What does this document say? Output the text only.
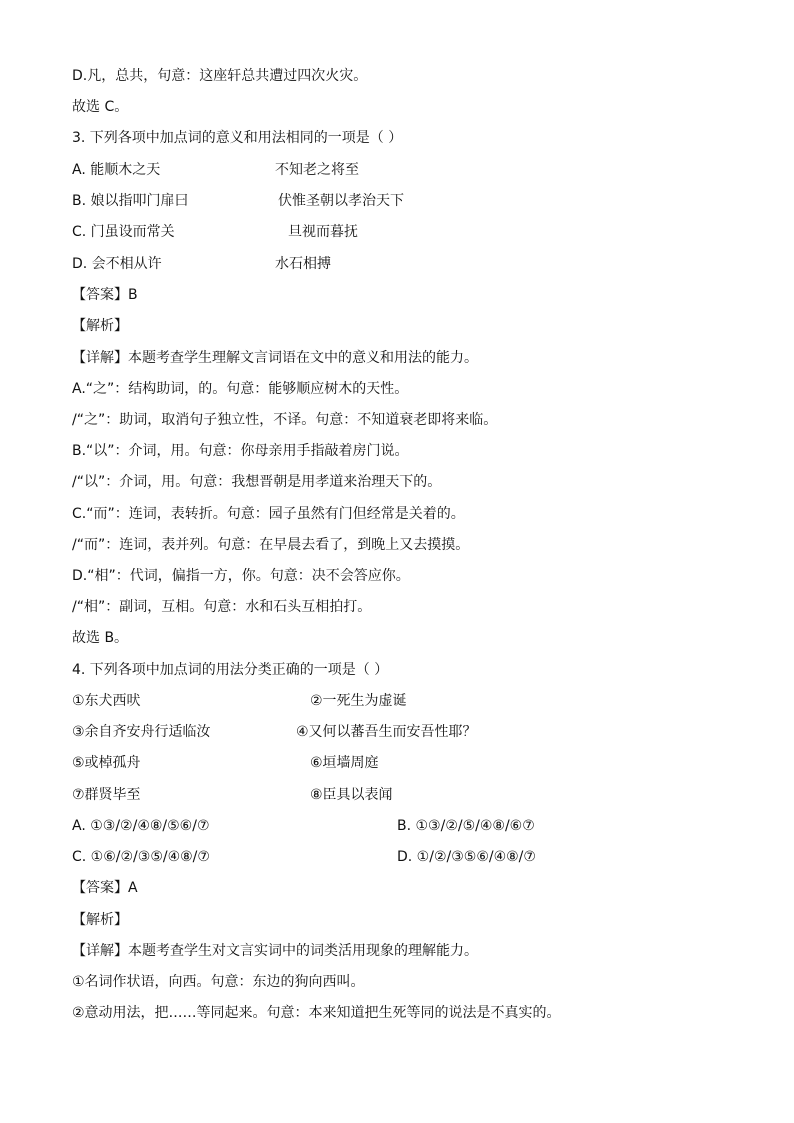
D.凡，总共，句意：这座轩总共遭过四次火灾。
故选 C。
3. 下列各项中加点词的意义和用法相同的一项是（ ）
A. 能顺木之天	不知老之将至
B. 娘以指叩门扉曰	伏惟圣朝以孝治天下
C. 门虽设而常关	旦视而暮抚
D. 会不相从许	水石相搏
【答案】B
【解析】
【详解】本题考查学生理解文言词语在文中的意义和用法的能力。
A.“之”：结构助词，的。句意：能够顺应树木的天性。
/“之”：助词，取消句子独立性，不译。句意：不知道衰老即将来临。
B.“以”：介词，用。句意：你母亲用手指敲着房门说。
/“以”：介词，用。句意：我想晋朝是用孝道来治理天下的。
C.“而”：连词，表转折。句意：园子虽然有门但经常是关着的。
/“而”：连词，表并列。句意：在早晨去看了，到晚上又去摸摸。
D.“相”：代词，偏指一方，你。句意：决不会答应你。
/“相”：副词，互相。句意：水和石头互相拍打。
故选 B。
4. 下列各项中加点词的用法分类正确的一项是（ ）
①东犬西吠	②一死生为虚诞
③余自齐安舟行适临汝	④又何以蕃吾生而安吾性耶？
⑤或棹孤舟	⑥垣墙周庭
⑦群贤毕至	⑧臣具以表闻
A. ①③/②/④⑧/⑤⑥/⑦	B. ①③/②/⑤/④⑧/⑥⑦
C. ①⑥/②/③⑤/④⑧/⑦	D. ①/②/③⑤⑥/④⑧/⑦
【答案】A
【解析】
【详解】本题考查学生对文言实词中的词类活用现象的理解能力。
①名词作状语，向西。句意：东边的狗向西叫。
②意动用法，把……等同起来。句意：本来知道把生死等同的说法是不真实的。
